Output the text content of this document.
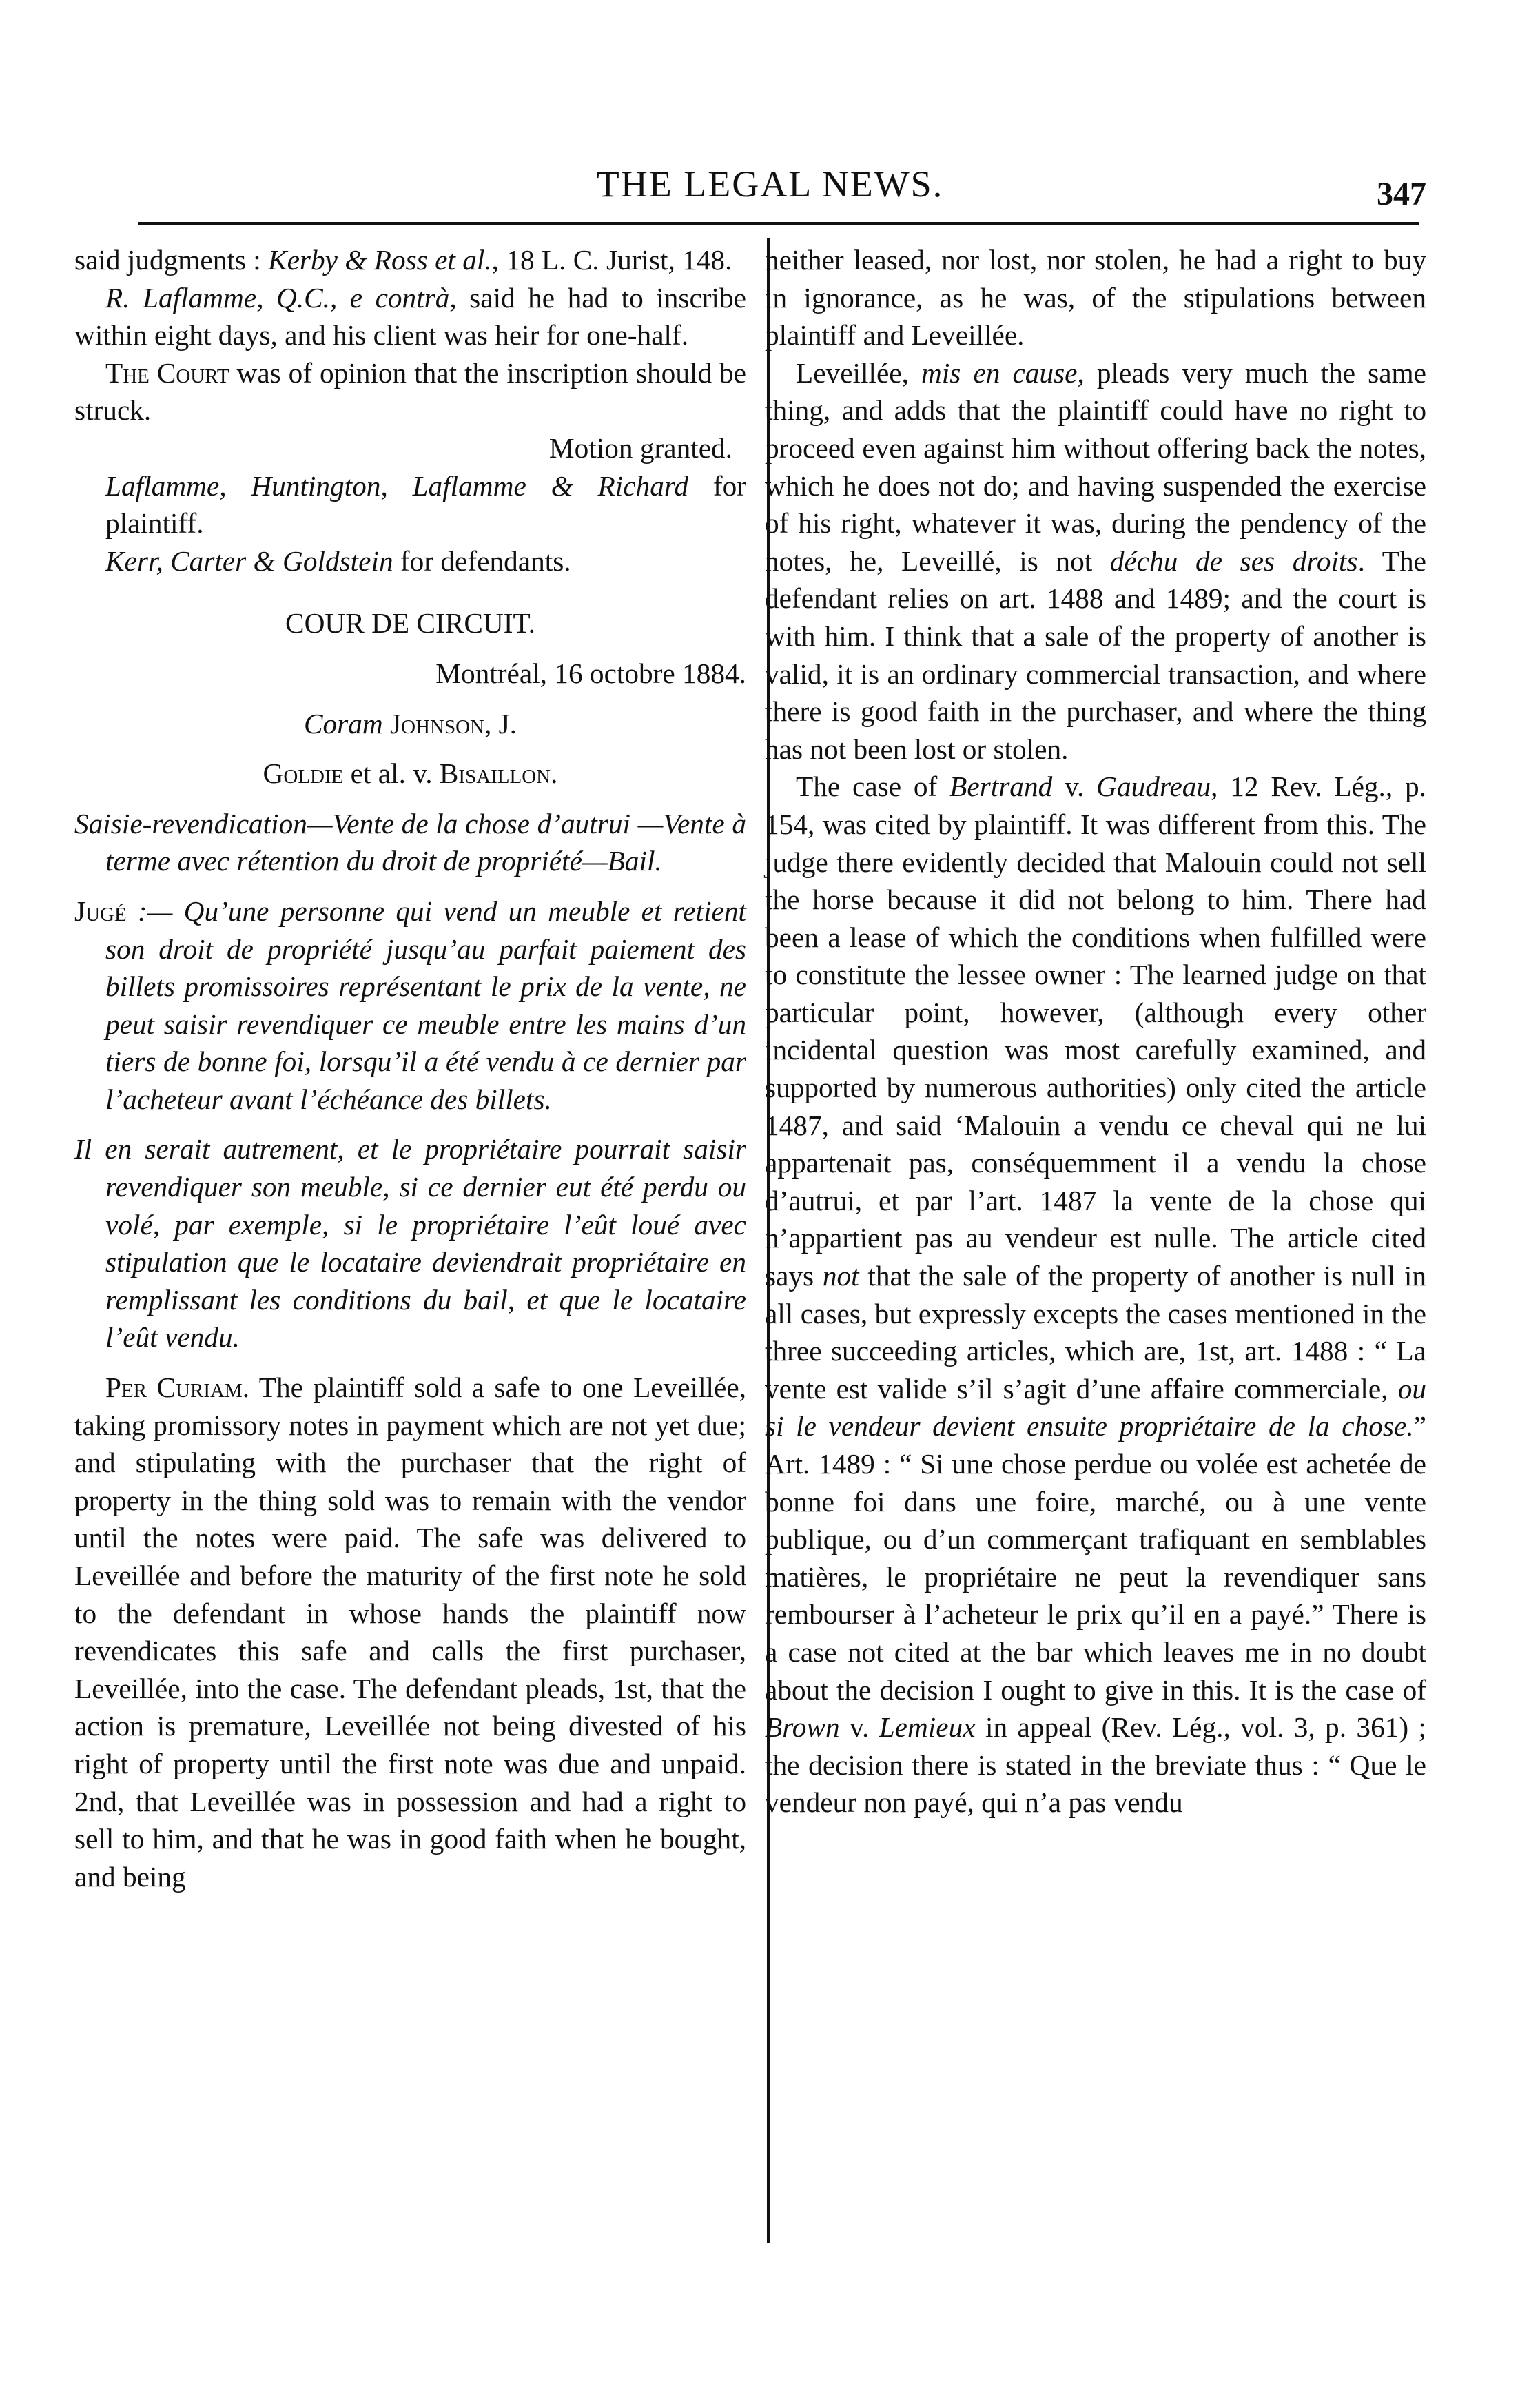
THE LEGAL NEWS.	347

said judgments : Kerby & Ross et al., 18 L. C. Jurist, 148.

R. Laflamme, Q.C., e contrà, said he had to inscribe within eight days, and his client was heir for one-half.

The Court was of opinion that the inscription should be struck.

Motion granted.

Laflamme, Huntington, Laflamme & Richard for plaintiff.

Kerr, Carter & Goldstein for defendants.

COUR DE CIRCUIT.

Montréal, 16 octobre 1884.

Coram Johnson, J.

Goldie et al. v. Bisaillon.

Saisie-revendication—Vente de la chose d’autrui —Vente à terme avec rétention du droit de propriété—Bail.

Jugé :— Qu’une personne qui vend un meuble et retient son droit de propriété jusqu’au parfait paiement des billets promissoires représentant le prix de la vente, ne peut saisir revendiquer ce meuble entre les mains d’un tiers de bonne foi, lorsqu’il a été vendu à ce dernier par l’acheteur avant l’échéance des billets.

Il en serait autrement, et le propriétaire pourrait saisir revendiquer son meuble, si ce dernier eut été perdu ou volé, par exemple, si le propriétaire l’eût loué avec stipulation que le locataire deviendrait propriétaire en remplissant les conditions du bail, et que le locataire l’eût vendu.

Per Curiam. The plaintiff sold a safe to one Leveillée, taking promissory notes in payment which are not yet due; and stipulating with the purchaser that the right of property in the thing sold was to remain with the vendor until the notes were paid. The safe was delivered to Leveillée and before the maturity of the first note he sold to the defendant in whose hands the plaintiff now revendicates this safe and calls the first purchaser, Leveillée, into the case. The defendant pleads, 1st, that the action is premature, Leveillée not being divested of his right of property until the first note was due and unpaid. 2nd, that Leveillée was in possession and had a right to sell to him, and that he was in good faith when he bought, and being

neither leased, nor lost, nor stolen, he had a right to buy in ignorance, as he was, of the stipulations between plaintiff and Leveillée.

Leveillée, mis en cause, pleads very much the same thing, and adds that the plaintiff could have no right to proceed even against him without offering back the notes, which he does not do; and having suspended the exercise of his right, whatever it was, during the pendency of the notes, he, Leveillé, is not déchu de ses droits. The defendant relies on art. 1488 and 1489; and the court is with him. I think that a sale of the property of another is valid, it is an ordinary commercial transaction, and where there is good faith in the purchaser, and where the thing has not been lost or stolen.

The case of Bertrand v. Gaudreau, 12 Rev. Lég., p. 154, was cited by plaintiff. It was different from this. The judge there evidently decided that Malouin could not sell the horse because it did not belong to him. There had been a lease of which the conditions when fulfilled were to constitute the lessee owner : The learned judge on that particular point, however, (although every other incidental question was most carefully examined, and supported by numerous authorities) only cited the article 1487, and said ‘Malouin a vendu ce cheval qui ne lui appartenait pas, conséquemment il a vendu la chose d’autrui, et par l’art. 1487 la vente de la chose qui n’appartient pas au vendeur est nulle. The article cited says not that the sale of the property of another is null in all cases, but expressly excepts the cases mentioned in the three succeeding articles, which are, 1st, art. 1488 : “ La vente est valide s’il s’agit d’une affaire commerciale, ou si le vendeur devient ensuite propriétaire de la chose.” Art. 1489 : “ Si une chose perdue ou volée est achetée de bonne foi dans une foire, marché, ou à une vente publique, ou d’un commerçant trafiquant en semblables matières, le propriétaire ne peut la revendiquer sans rembourser à l’acheteur le prix qu’il en a payé.” There is a case not cited at the bar which leaves me in no doubt about the decision I ought to give in this. It is the case of Brown v. Lemieux in appeal (Rev. Lég., vol. 3, p. 361) ; the decision there is stated in the breviate thus : “ Que le vendeur non payé, qui n’a pas vendu
